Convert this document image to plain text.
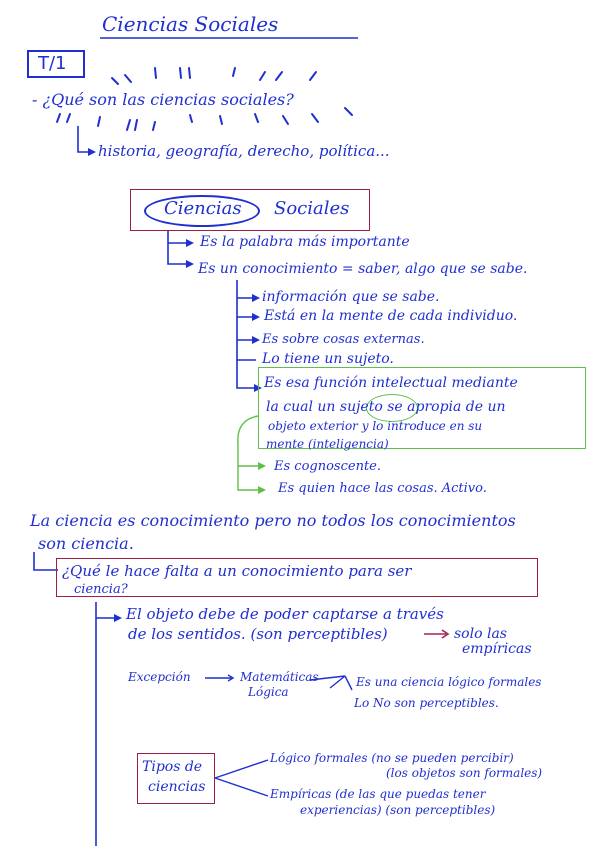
Ciencias Sociales
T/1
- ¿Qué son las ciencias sociales?
historia, geografía, derecho, política...
Ciencias Sociales
Es la palabra más importante
Es un conocimiento = saber, algo que se sabe.
información que se sabe.
Está en la mente de cada individuo.
Es sobre cosas externas.
Lo tiene un sujeto.
Es esa función intelectual mediante
la cual un sujeto se apropia de un
objeto exterior y lo introduce en su
mente (inteligencia)
Es cognoscente.
Es quien hace las cosas. Activo.
La ciencia es conocimiento pero no todos los conocimientos
son ciencia.
¿Qué le hace falta a un conocimiento para ser
ciencia?
El objeto debe de poder captarse a través
de los sentidos. (son perceptibles)	solo las
empíricas
Excepción	Matemáticas
Lógica
Es una ciencia lógico formales
Lo No son perceptibles.
Tipos de
ciencias
Lógico formales (no se pueden percibir)
(los objetos son formales)
Empíricas (de las que puedas tener
experiencias) (son perceptibles)
